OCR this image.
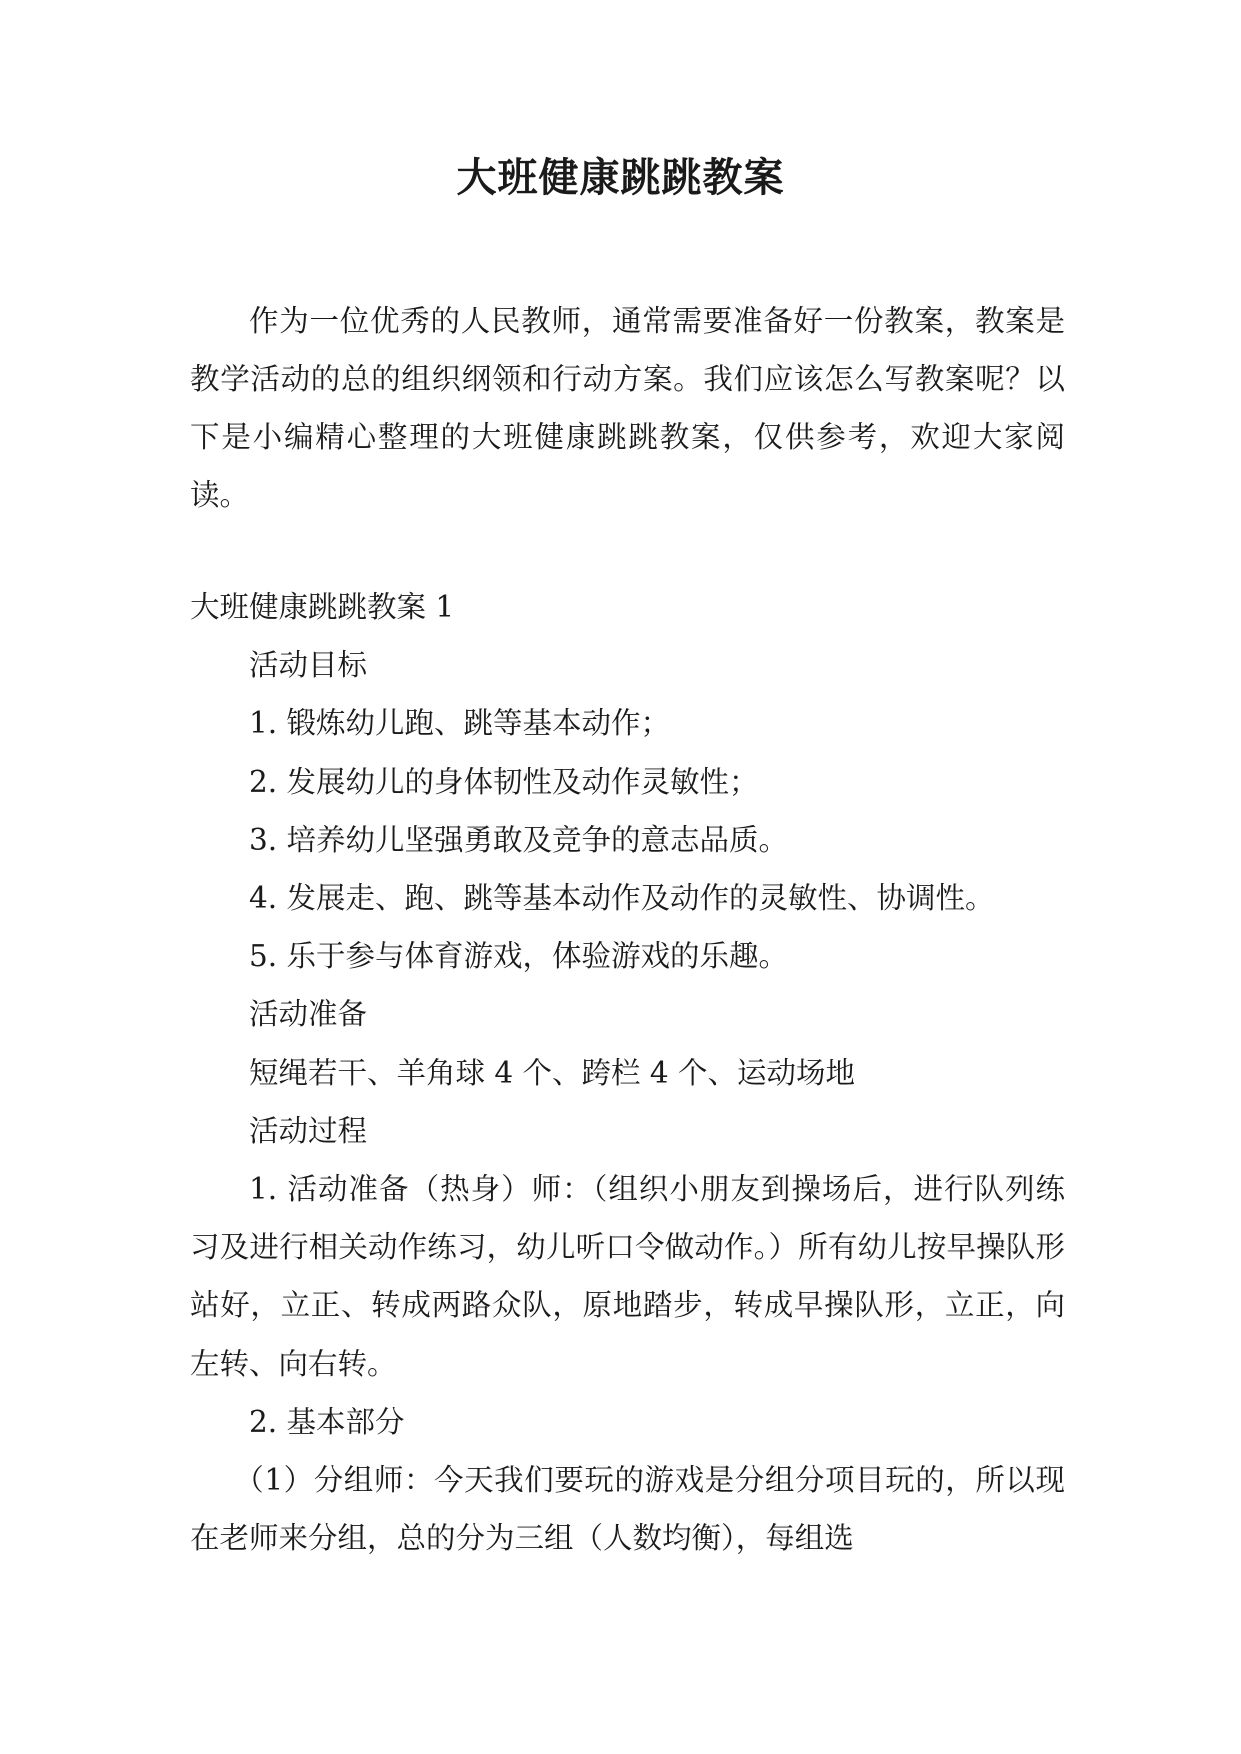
大班健康跳跳教案

作为一位优秀的人民教师，通常需要准备好一份教案，教案是教学活动的总的组织纲领和行动方案。我们应该怎么写教案呢？以下是小编精心整理的大班健康跳跳教案，仅供参考，欢迎大家阅读。

大班健康跳跳教案 1

活动目标

1. 锻炼幼儿跑、跳等基本动作；

2. 发展幼儿的身体韧性及动作灵敏性；

3. 培养幼儿坚强勇敢及竞争的意志品质。

4. 发展走、跑、跳等基本动作及动作的灵敏性、协调性。

5. 乐于参与体育游戏，体验游戏的乐趣。

活动准备

短绳若干、羊角球 4 个、跨栏 4 个、运动场地

活动过程

1. 活动准备（热身）师：（组织小朋友到操场后，进行队列练习及进行相关动作练习，幼儿听口令做动作。）所有幼儿按早操队形站好，立正、转成两路众队，原地踏步，转成早操队形，立正，向左转、向右转。

2. 基本部分

（1）分组师：今天我们要玩的游戏是分组分项目玩的，所以现在老师来分组，总的分为三组（人数均衡），每组选
